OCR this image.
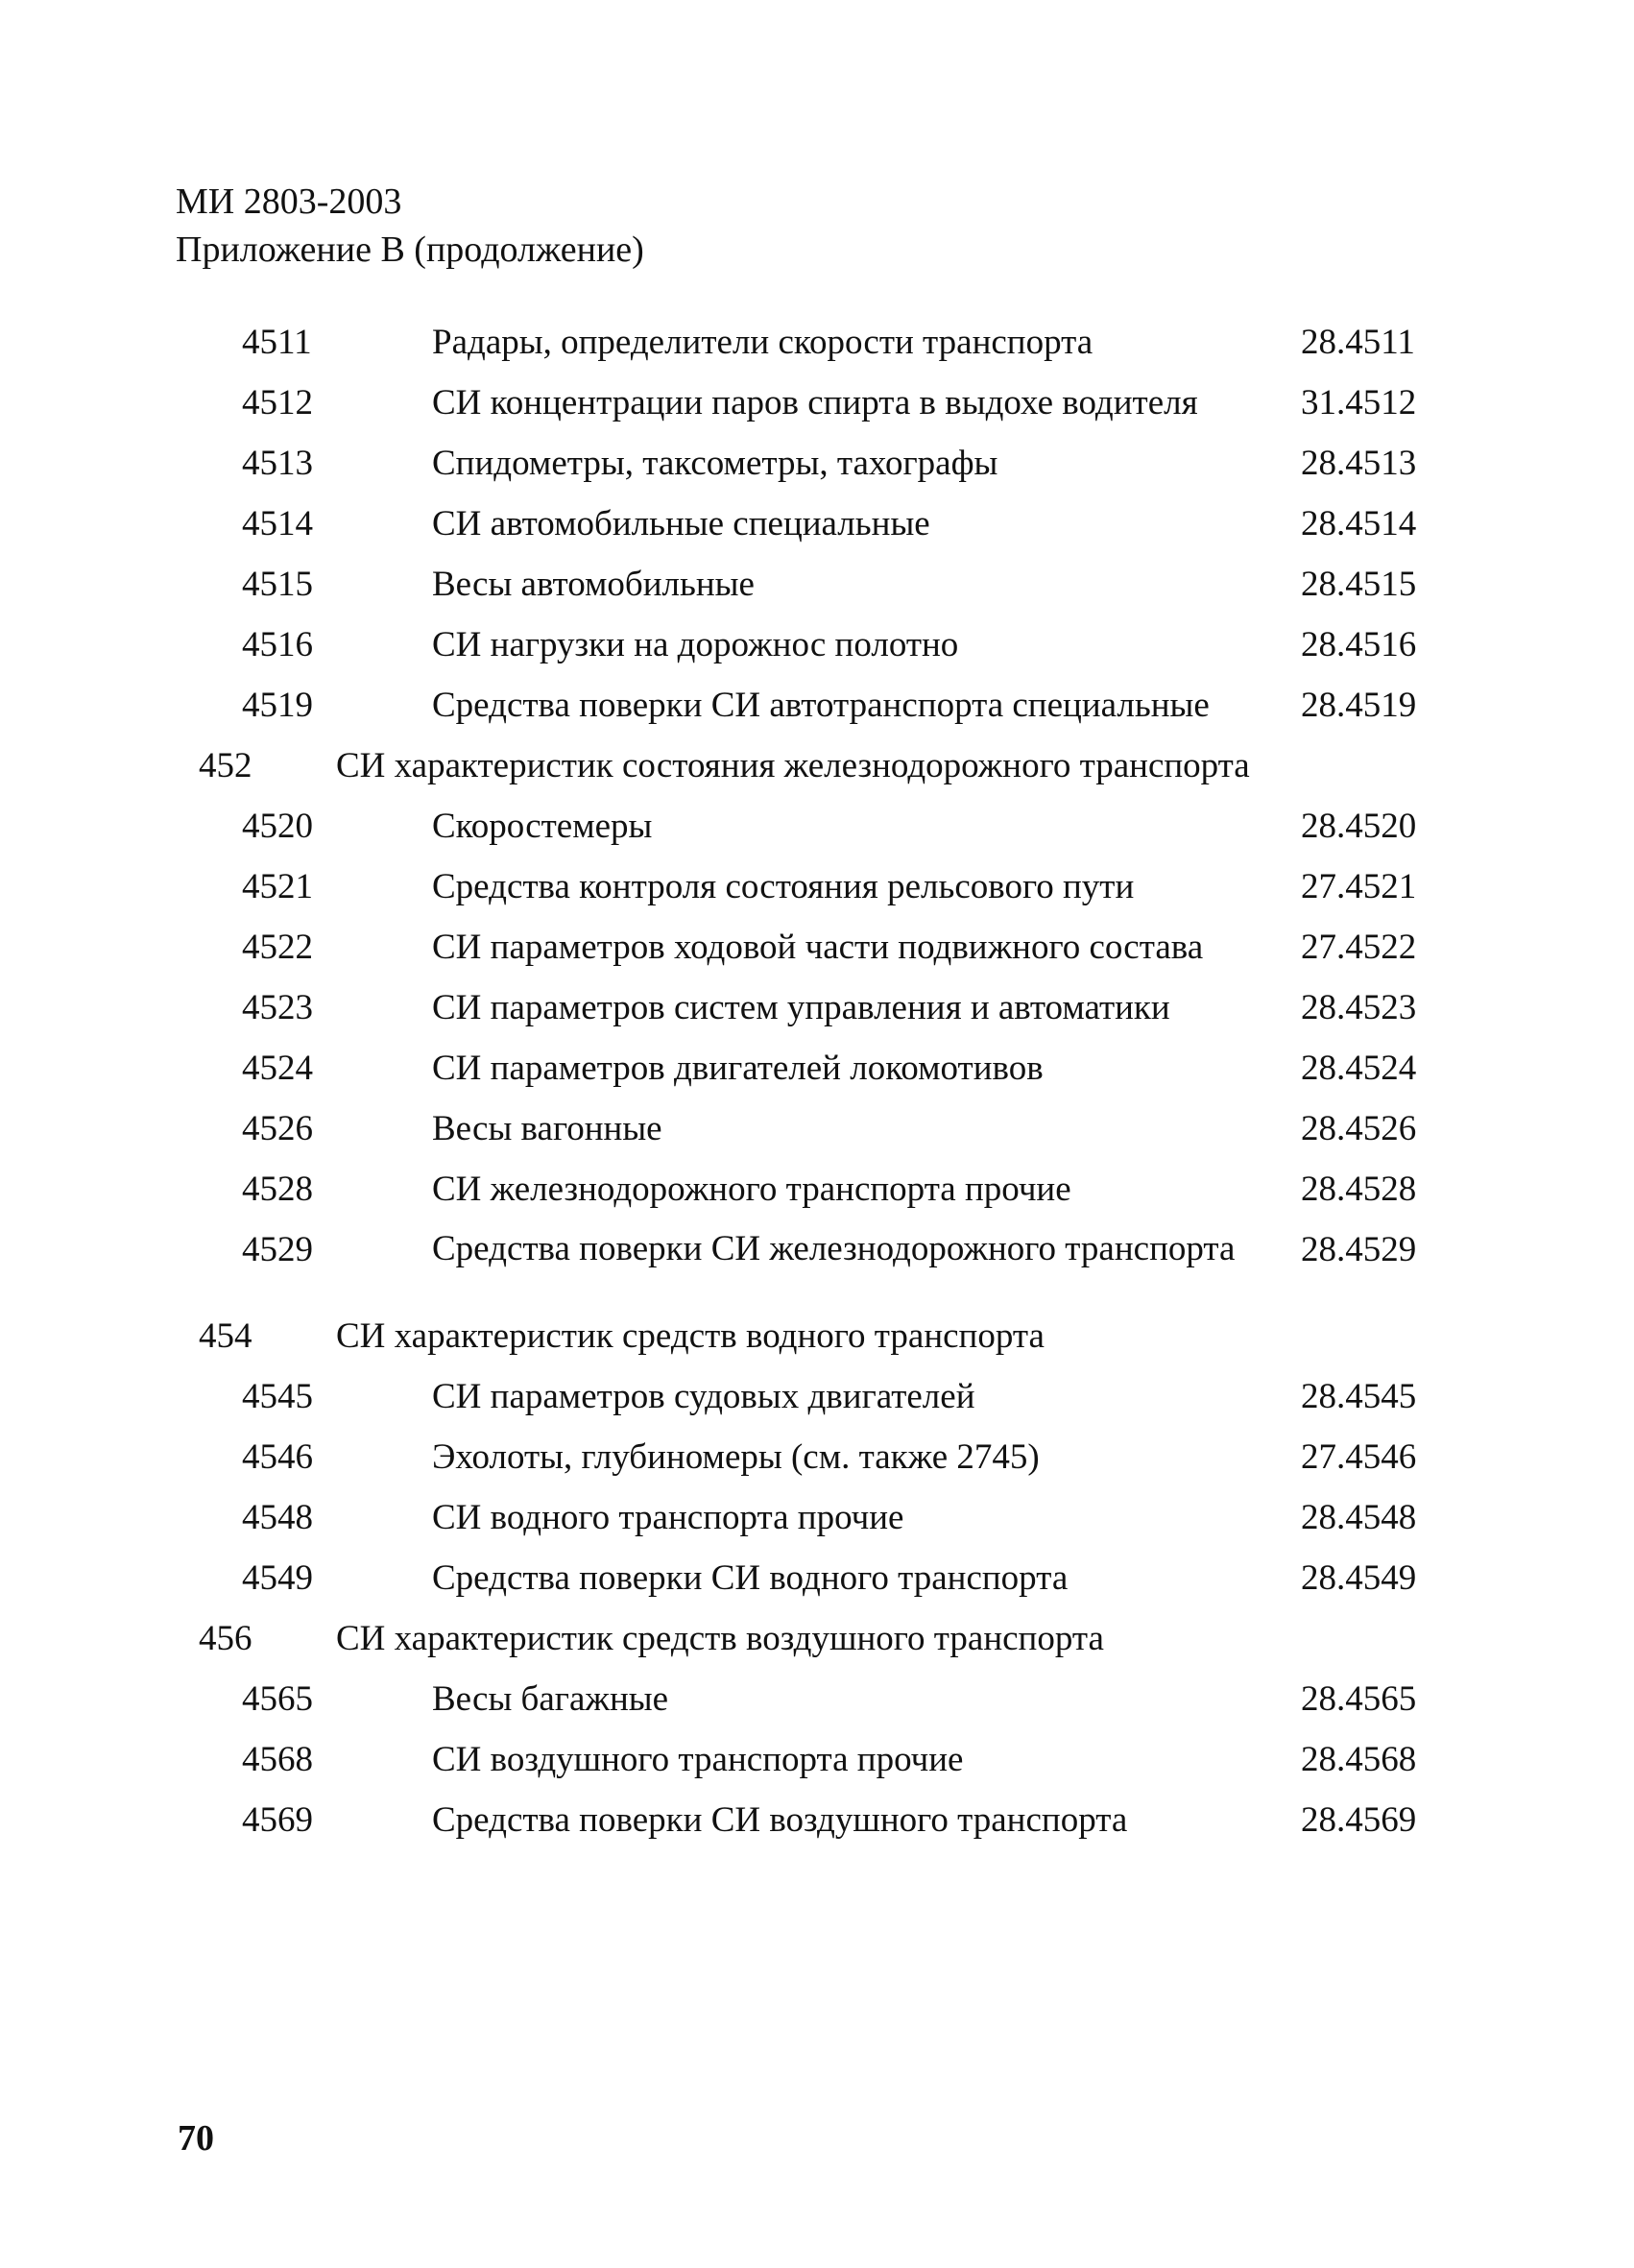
МИ 2803-2003
Приложение В (продолжение)
4511	Радары, определители скорости транспорта	28.4511
4512	СИ концентрации паров спирта в выдохе водителя	31.4512
4513	Спидометры, таксометры, тахографы	28.4513
4514	СИ автомобильные специальные	28.4514
4515	Весы автомобильные	28.4515
4516	СИ нагрузки на дорожнос полотно	28.4516
4519	Средства поверки СИ автотранспорта специальные	28.4519
452 СИ характеристик состояния железнодорожного транспорта
4520	Скоростемеры	28.4520
4521	Средства контроля состояния рельсового пути	27.4521
4522	СИ параметров ходовой части подвижного состава	27.4522
4523	СИ параметров систем управления и автоматики	28.4523
4524	СИ параметров двигателей локомотивов	28.4524
4526	Весы вагонные	28.4526
4528	СИ железнодорожного транспорта прочие	28.4528
4529	Средства поверки СИ железнодорожного транспорта	28.4529
454 СИ характеристик средств водного транспорта
4545	СИ параметров судовых двигателей	28.4545
4546	Эхолоты, глубиномеры (см. также 2745)	27.4546
4548	СИ водного транспорта прочие	28.4548
4549	Средства поверки СИ водного транспорта	28.4549
456 СИ характеристик средств воздушного транспорта
4565	Весы багажные	28.4565
4568	СИ воздушного транспорта прочие	28.4568
4569	Средства поверки СИ воздушного транспорта	28.4569
70
